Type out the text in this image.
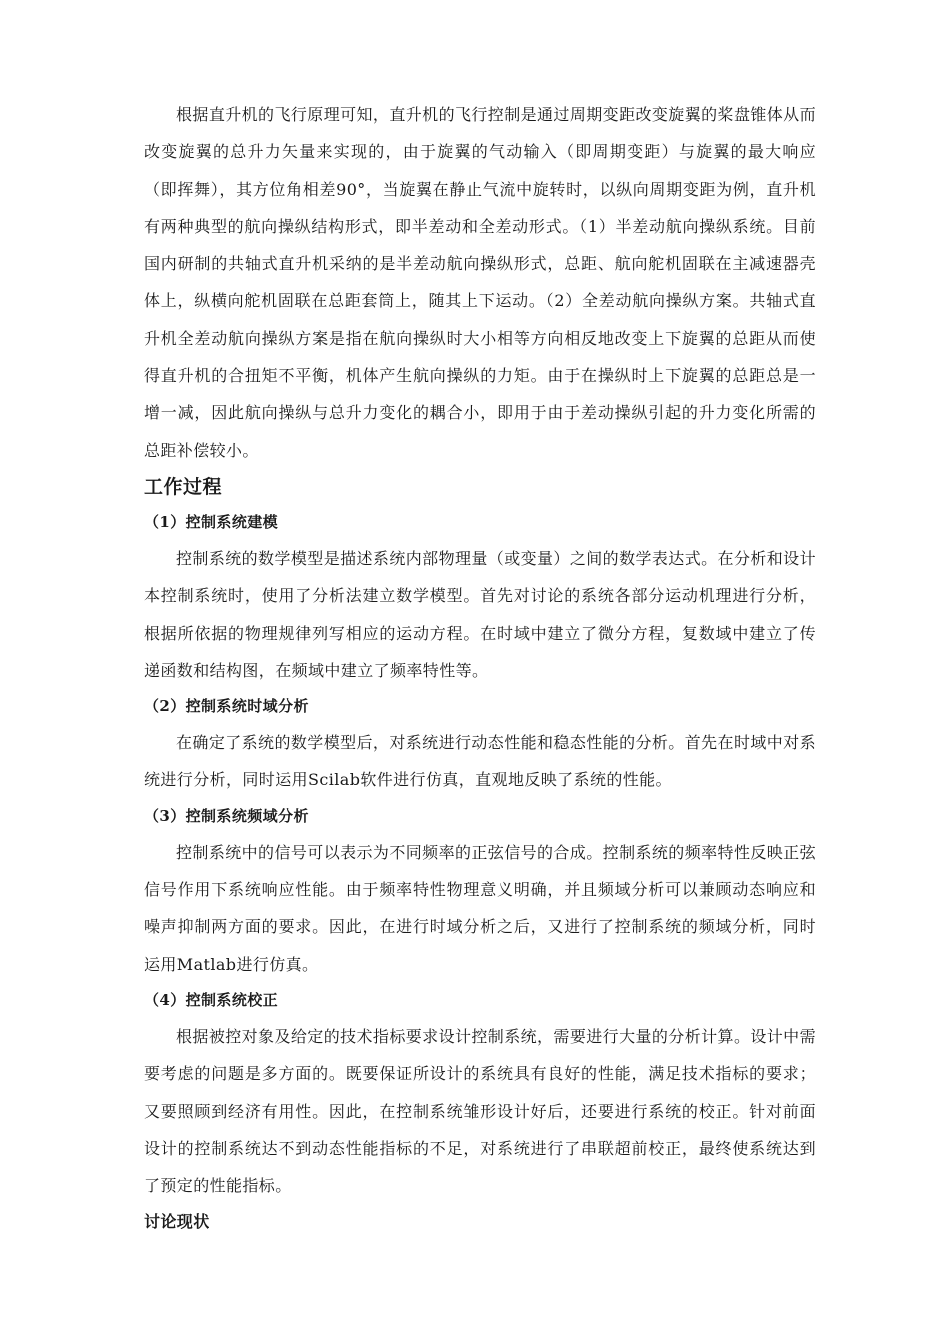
根据直升机的飞行原理可知，直升机的飞行控制是通过周期变距改变旋翼的桨盘锥体从而改变旋翼的总升力矢量来实现的，由于旋翼的气动输入（即周期变距）与旋翼的最大响应（即挥舞），其方位角相差90°，当旋翼在静止气流中旋转时，以纵向周期变距为例，直升机有两种典型的航向操纵结构形式，即半差动和全差动形式。（1）半差动航向操纵系统。目前国内研制的共轴式直升机采纳的是半差动航向操纵形式，总距、航向舵机固联在主减速器壳体上，纵横向舵机固联在总距套筒上，随其上下运动。（2）全差动航向操纵方案。共轴式直升机全差动航向操纵方案是指在航向操纵时大小相等方向相反地改变上下旋翼的总距从而使得直升机的合扭矩不平衡，机体产生航向操纵的力矩。由于在操纵时上下旋翼的总距总是一增一减，因此航向操纵与总升力变化的耦合小，即用于由于差动操纵引起的升力变化所需的总距补偿较小。

工作过程
（1）控制系统建模

控制系统的数学模型是描述系统内部物理量（或变量）之间的数学表达式。在分析和设计本控制系统时，使用了分析法建立数学模型。首先对讨论的系统各部分运动机理进行分析，根据所依据的物理规律列写相应的运动方程。在时域中建立了微分方程，复数域中建立了传递函数和结构图，在频域中建立了频率特性等。

（2）控制系统时域分析

在确定了系统的数学模型后，对系统进行动态性能和稳态性能的分析。首先在时域中对系统进行分析，同时运用Scilab软件进行仿真，直观地反映了系统的性能。

（3）控制系统频域分析

控制系统中的信号可以表示为不同频率的正弦信号的合成。控制系统的频率特性反映正弦信号作用下系统响应性能。由于频率特性物理意义明确，并且频域分析可以兼顾动态响应和噪声抑制两方面的要求。因此，在进行时域分析之后，又进行了控制系统的频域分析，同时运用Matlab进行仿真。

（4）控制系统校正

根据被控对象及给定的技术指标要求设计控制系统，需要进行大量的分析计算。设计中需要考虑的问题是多方面的。既要保证所设计的系统具有良好的性能，满足技术指标的要求；又要照顾到经济有用性。因此，在控制系统雏形设计好后，还要进行系统的校正。针对前面设计的控制系统达不到动态性能指标的不足，对系统进行了串联超前校正，最终使系统达到了预定的性能指标。

讨论现状
